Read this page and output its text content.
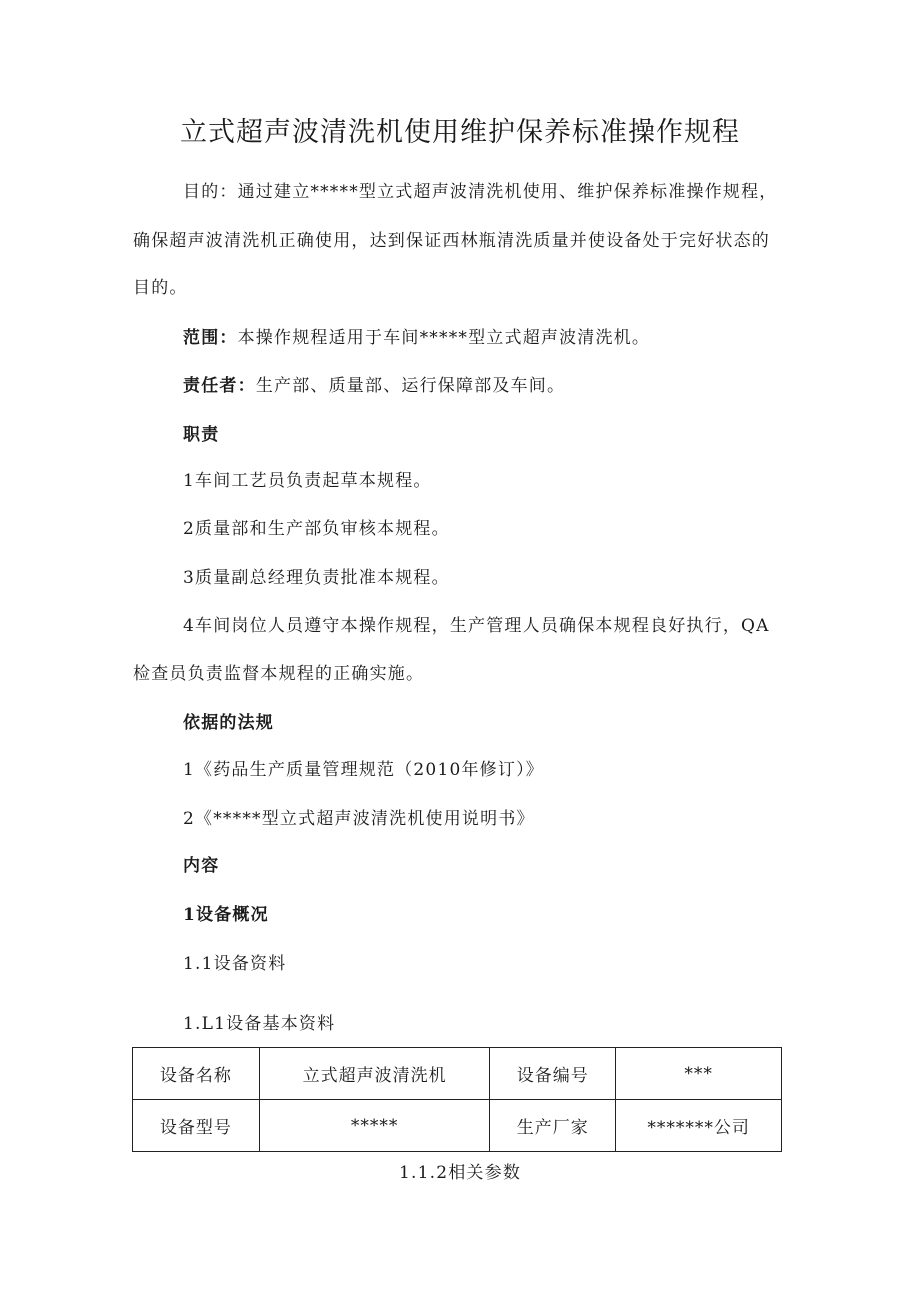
立式超声波清洗机使用维护保养标准操作规程

目的：通过建立*****型立式超声波清洗机使用、维护保养标准操作规程，

确保超声波清洗机正确使用，达到保证西林瓶清洗质量并使设备处于完好状态的

目的。

范围：本操作规程适用于车间*****型立式超声波清洗机。

责任者：生产部、质量部、运行保障部及车间。

职责

1车间工艺员负责起草本规程。

2质量部和生产部负审核本规程。

3质量副总经理负责批准本规程。

4车间岗位人员遵守本操作规程，生产管理人员确保本规程良好执行，QA

检查员负责监督本规程的正确实施。

依据的法规

1《药品生产质量管理规范（2010年修订）》

2《*****型立式超声波清洗机使用说明书》

内容

1设备概况

1.1设备资料

1.L1设备基本资料

设备名称	立式超声波清洗机	设备编号	***
设备型号	*****	生产厂家	*******公司

1.1.2相关参数
